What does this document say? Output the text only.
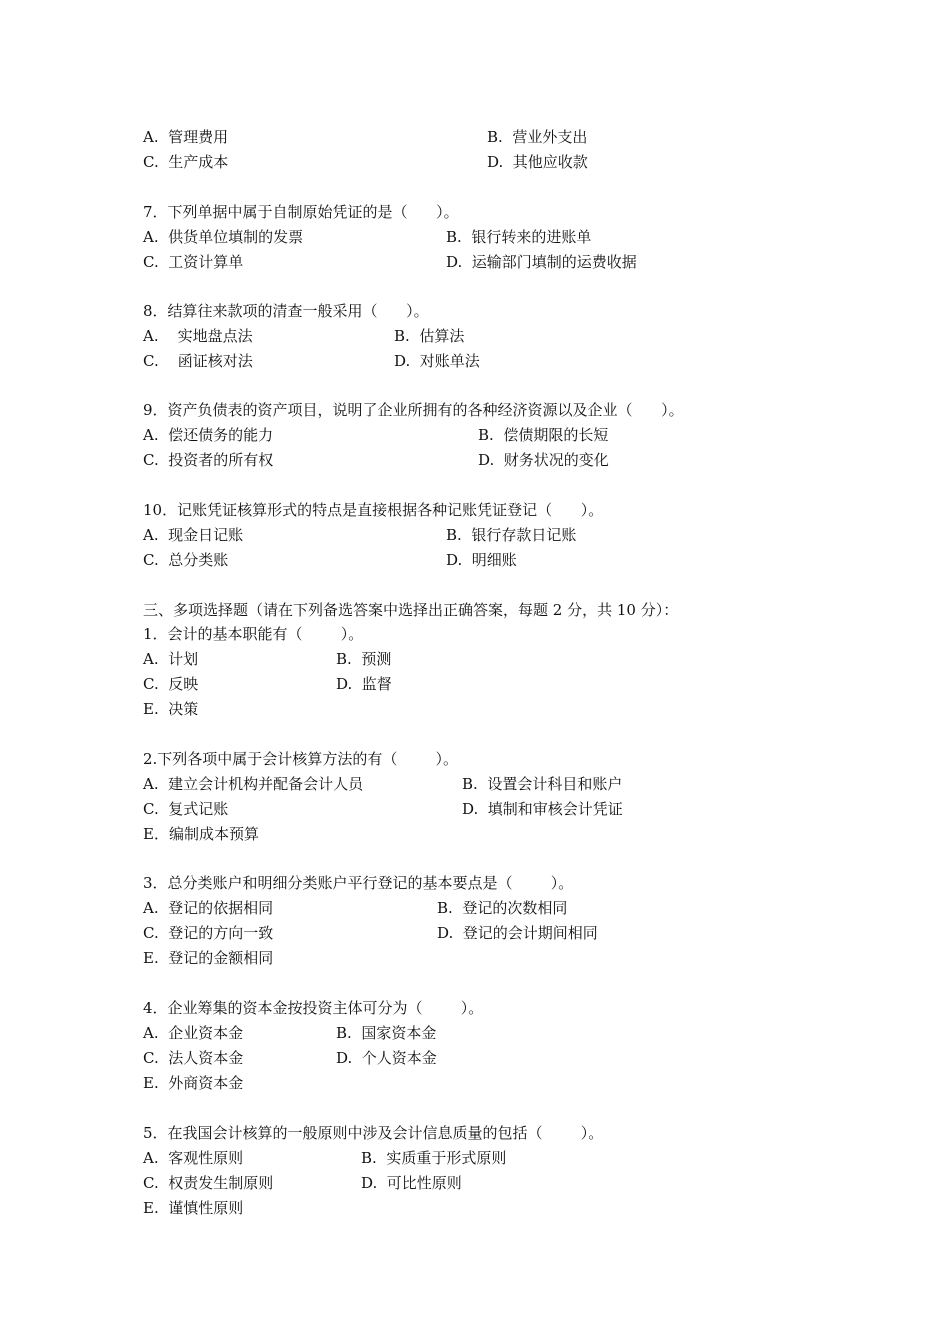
A.  管理费用	B.  营业外支出
C.  生产成本	D.  其他应收款
7．下列单据中属于自制原始凭证的是（      ）。
A.  供货单位填制的发票	B.  银行转来的进账单
C.  工资计算单	D.  运输部门填制的运费收据
8．结算往来款项的清查一般采用（      ）。
A.    实地盘点法	B.  估算法
C.    函证核对法	D.  对账单法
9．资产负债表的资产项目，说明了企业所拥有的各种经济资源以及企业（      ）。
A.  偿还债务的能力	B.  偿债期限的长短
C.  投资者的所有权	D.  财务状况的变化
10．记账凭证核算形式的特点是直接根据各种记账凭证登记（      ）。
A.  现金日记账	B.  银行存款日记账
C.  总分类账	D.  明细账
三、多项选择题（请在下列备选答案中选择出正确答案，每题 2 分，共 10 分）：
1．会计的基本职能有（        ）。
A.  计划	B.  预测
C.  反映	D.  监督
E.  决策
2.下列各项中属于会计核算方法的有（        ）。
A.  建立会计机构并配备会计人员	B.  设置会计科目和账户
C.  复式记账	D.  填制和审核会计凭证
E．编制成本预算
3．总分类账户和明细分类账户平行登记的基本要点是（        ）。
A.  登记的依据相同	B.  登记的次数相同
C.  登记的方向一致	D.  登记的会计期间相同
E.  登记的金额相同
4．企业筹集的资本金按投资主体可分为（        ）。
A.  企业资本金	B.  国家资本金
C.  法人资本金	D.  个人资本金
E.  外商资本金
5．在我国会计核算的一般原则中涉及会计信息质量的包括（        ）。
A.  客观性原则	B.  实质重于形式原则
C.  权责发生制原则	D.  可比性原则
E.  谨慎性原则
